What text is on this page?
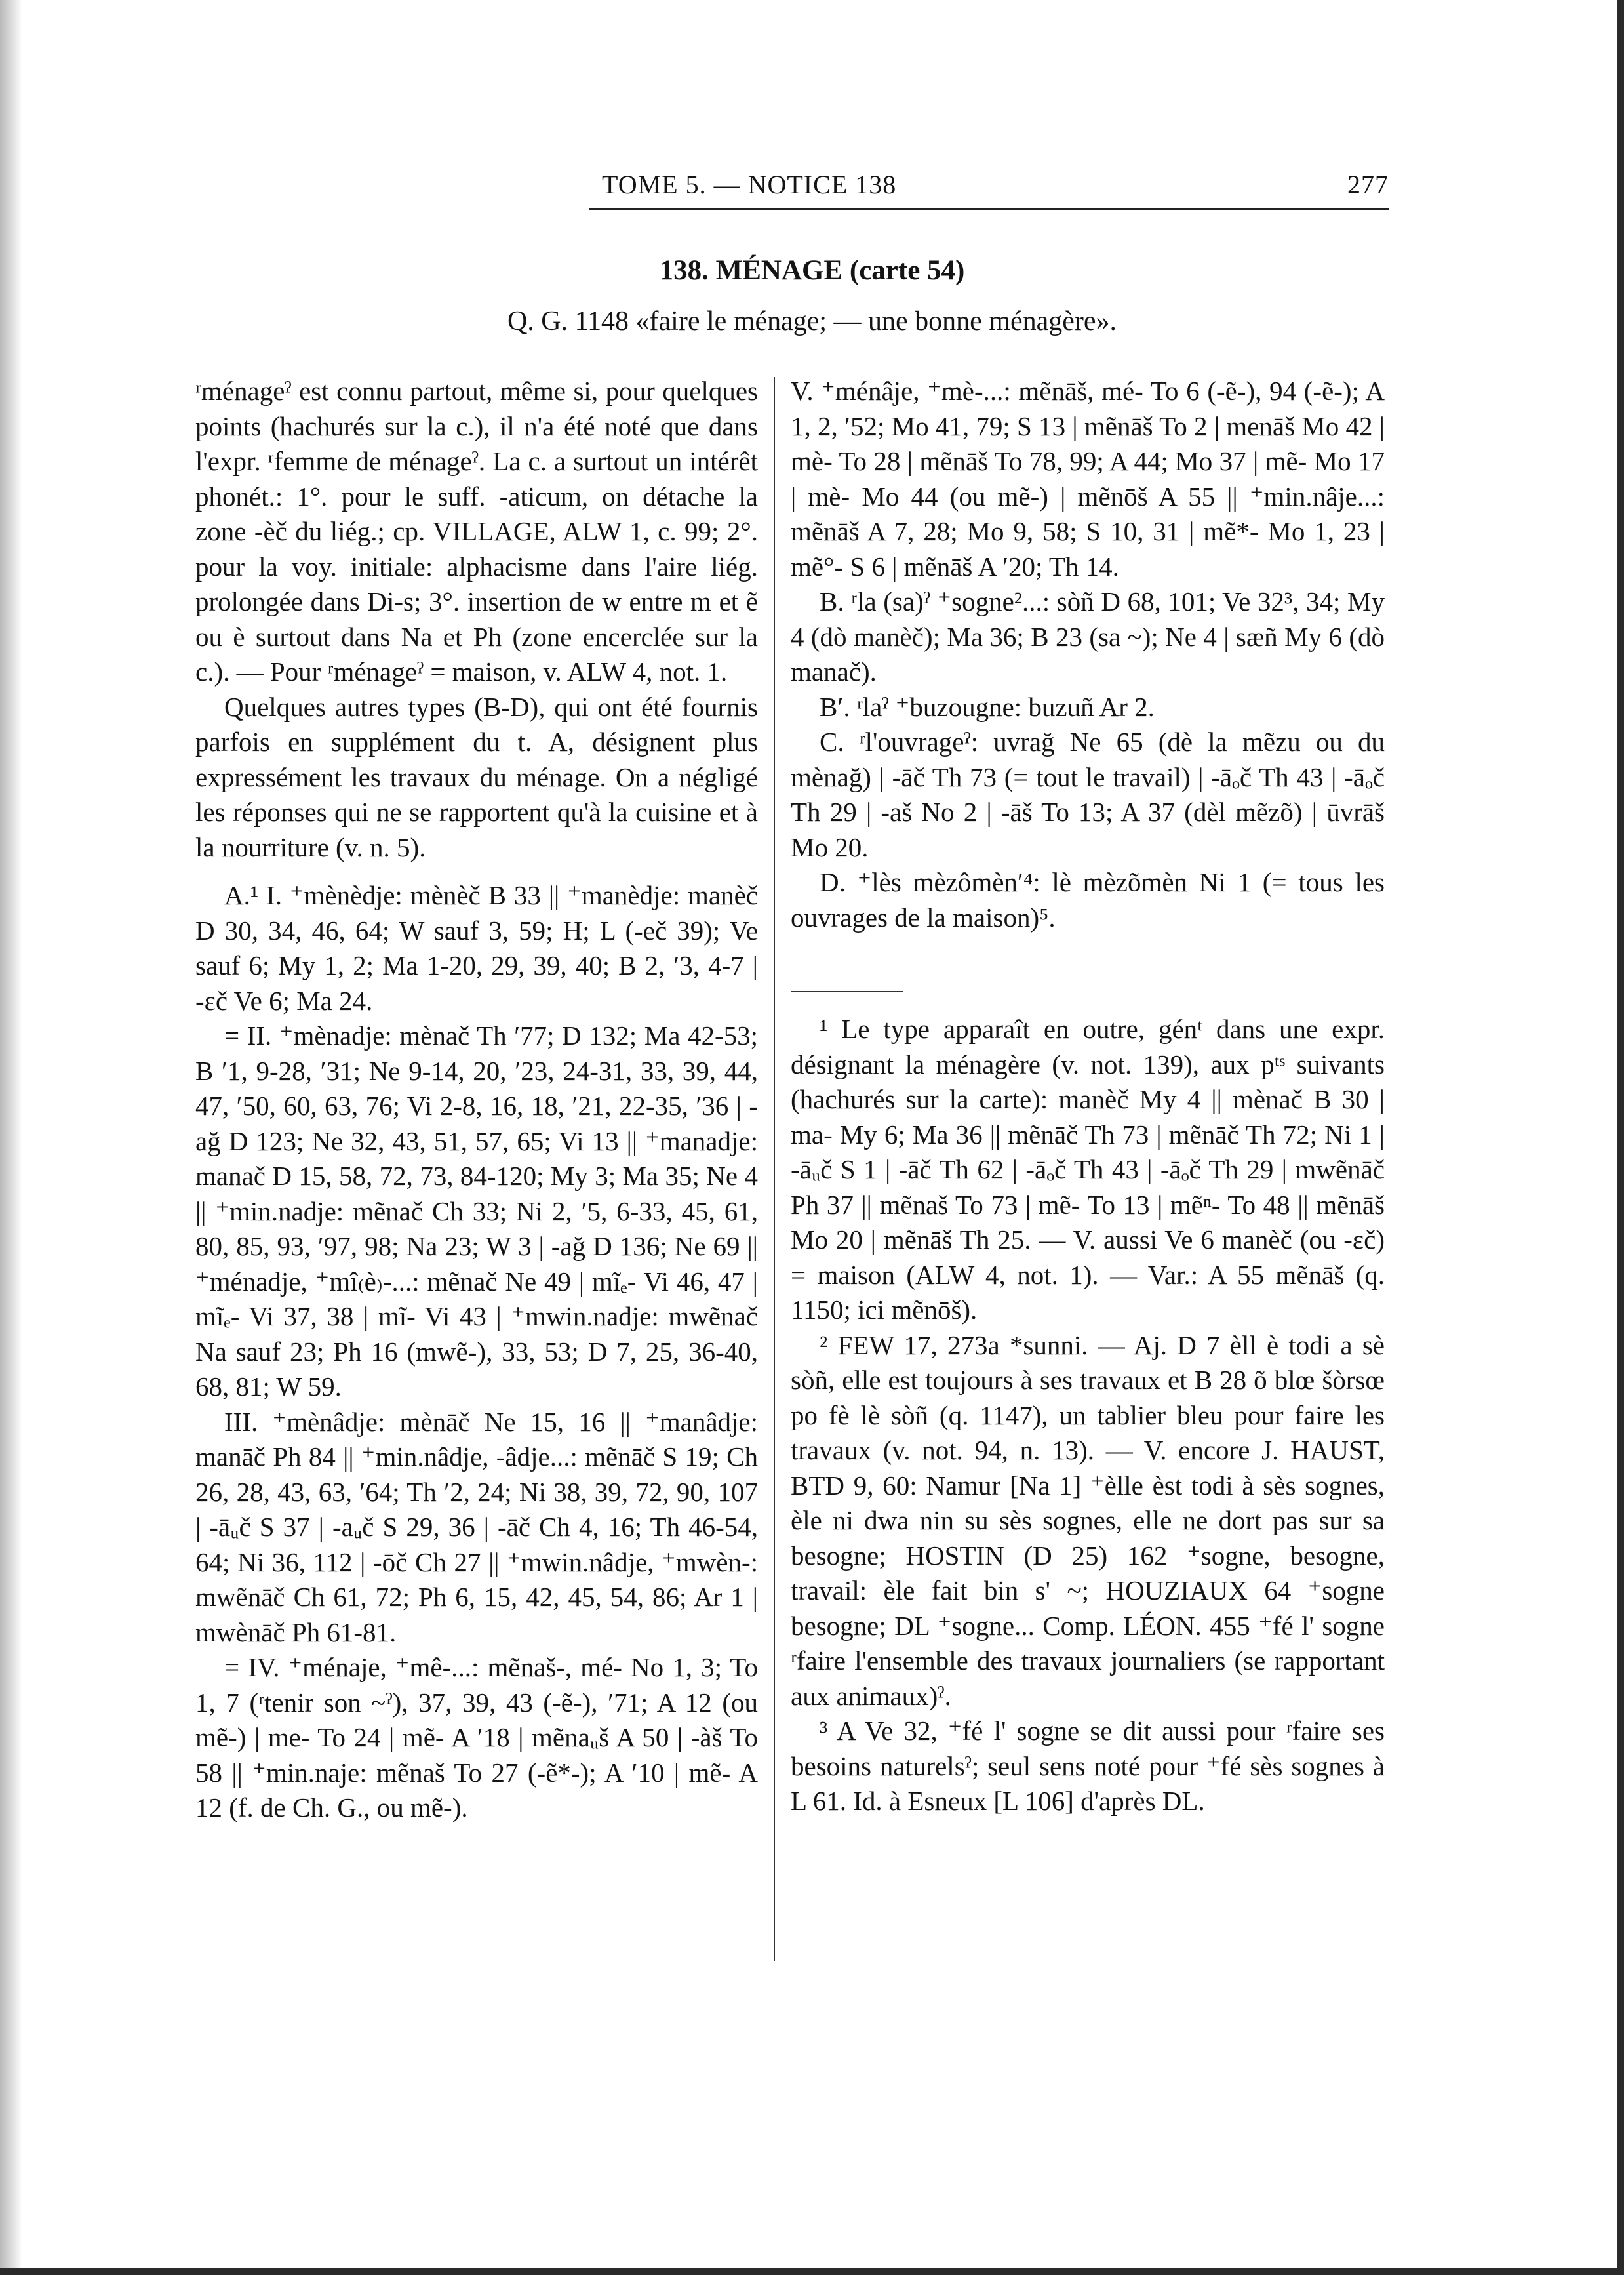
TOME 5. — NOTICE 138	277
138. MÉNAGE (carte 54)
Q. G. 1148 «faire le ménage; — une bonne ménagère».

ʳménageˀ est connu partout, même si, pour quelques points (hachurés sur la c.), il n'a été noté que dans l'expr. ʳfemme de ménageˀ. La c. a surtout un intérêt phonét.: 1°. pour le suff. -aticum, on détache la zone -èč du liég.; cp. VILLAGE, ALW 1, c. 99; 2°. pour la voy. initiale: alphacisme dans l'aire liég. prolongée dans Di-s; 3°. insertion de w entre m et ẽ ou è surtout dans Na et Ph (zone encerclée sur la c.). — Pour ʳménageˀ = maison, v. ALW 4, not. 1.

Quelques autres types (B-D), qui ont été fournis parfois en supplément du t. A, désignent plus expressément les travaux du ménage. On a négligé les réponses qui ne se rapportent qu'à la cuisine et à la nourriture (v. n. 5).

A.¹ I. ⁺mènèdje: mènèč B 33 || ⁺manèdje: manèč D 30, 34, 46, 64; W sauf 3, 59; H; L (-eč 39); Ve sauf 6; My 1, 2; Ma 1-20, 29, 39, 40; B 2, ′3, 4-7 | -ɛč Ve 6; Ma 24.

= II. ⁺mènadje: mènač Th ′77; D 132; Ma 42-53; B ′1, 9-28, ′31; Ne 9-14, 20, ′23, 24-31, 33, 39, 44, 47, ′50, 60, 63, 76; Vi 2-8, 16, 18, ′21, 22-35, ′36 | -ağ D 123; Ne 32, 43, 51, 57, 65; Vi 13 || ⁺manadje: manač D 15, 58, 72, 73, 84-120; My 3; Ma 35; Ne 4 || ⁺min.nadje: mẽnač Ch 33; Ni 2, ′5, 6-33, 45, 61, 80, 85, 93, ′97, 98; Na 23; W 3 | -ağ D 136; Ne 69 || ⁺ménadje, ⁺mî₍è₎-...: mẽnač Ne 49 | mĩₑ- Vi 46, 47 | mĩₑ- Vi 37, 38 | mĩ- Vi 43 | ⁺mwin.nadje: mwẽnač Na sauf 23; Ph 16 (mwẽ-), 33, 53; D 7, 25, 36-40, 68, 81; W 59.

III. ⁺mènâdje: mènāč Ne 15, 16 || ⁺manâdje: manāč Ph 84 || ⁺min.nâdje, -âdje...: mẽnāč S 19; Ch 26, 28, 43, 63, ′64; Th ′2, 24; Ni 38, 39, 72, 90, 107 | -āᵤč S 37 | -aᵤč S 29, 36 | -āč Ch 4, 16; Th 46-54, 64; Ni 36, 112 | -ōč Ch 27 || ⁺mwin.nâdje, ⁺mwèn-: mwẽnāč Ch 61, 72; Ph 6, 15, 42, 45, 54, 86; Ar 1 | mwènāč Ph 61-81.

= IV. ⁺ménaje, ⁺mê-...: mẽnaš-, mé- No 1, 3; To 1, 7 (ʳtenir son ~ˀ), 37, 39, 43 (-ẽ-), ′71; A 12 (ou mẽ-) | me- To 24 | mẽ- A ′18 | mẽnaᵤš A 50 | -àš To 58 || ⁺min.naje: mẽnaš To 27 (-ẽ*-); A ′10 | mẽ- A 12 (f. de Ch. G., ou mẽ-).

V. ⁺ménâje, ⁺mè-...: mẽnāš, mé- To 6 (-ẽ-), 94 (-ẽ-); A 1, 2, ′52; Mo 41, 79; S 13 | mẽnāš To 2 | menāš Mo 42 | mè- To 28 | mẽnāš To 78, 99; A 44; Mo 37 | mẽ- Mo 17 | mè- Mo 44 (ou mẽ-) | mẽnōš A 55 || ⁺min.nâje...: mẽnāš A 7, 28; Mo 9, 58; S 10, 31 | mẽ*- Mo 1, 23 | mẽ°- S 6 | mẽnāš A ′20; Th 14.

B. ʳla (sa)ˀ ⁺sogne²...: sòñ D 68, 101; Ve 32³, 34; My 4 (dò manèč); Ma 36; B 23 (sa ~); Ne 4 | sæñ My 6 (dò manač).

B′. ʳlaˀ ⁺buzougne: buzuñ Ar 2.

C. ʳl'ouvrageˀ: uvrağ Ne 65 (dè la mẽzu ou du mènağ) | -āč Th 73 (= tout le travail) | -āₒč Th 43 | -āₒč Th 29 | -aš No 2 | -āš To 13; A 37 (dèl mẽzõ) | ūvrāš Mo 20.

D. ⁺lès mèzômèn′⁴: lè mèzõmèn Ni 1 (= tous les ouvrages de la maison)⁵.

¹ Le type apparaît en outre, génᵗ dans une expr. désignant la ménagère (v. not. 139), aux pᵗˢ suivants (hachurés sur la carte): manèč My 4 || mènač B 30 | ma- My 6; Ma 36 || mẽnāč Th 73 | mẽnāč Th 72; Ni 1 | -āᵤč S 1 | -āč Th 62 | -āₒč Th 43 | -āₒč Th 29 | mwẽnāč Ph 37 || mẽnaš To 73 | mẽ- To 13 | mẽⁿ- To 48 || mẽnāš Mo 20 | mẽnāš Th 25. — V. aussi Ve 6 manèč (ou -ɛč) = maison (ALW 4, not. 1). — Var.: A 55 mẽnāš (q. 1150; ici mẽnōš).

² FEW 17, 273a *sunni. — Aj. D 7 èll è todi a sè sòñ, elle est toujours à ses travaux et B 28 õ blœ šòrsœ po fè lè sòñ (q. 1147), un tablier bleu pour faire les travaux (v. not. 94, n. 13). — V. encore J. HAUST, BTD 9, 60: Namur [Na 1] ⁺èlle èst todi à sès sognes, èle ni dwa nin su sès sognes, elle ne dort pas sur sa besogne; HOSTIN (D 25) 162 ⁺sogne, besogne, travail: èle fait bin s' ~; HOUZIAUX 64 ⁺sogne besogne; DL ⁺sogne... Comp. LÉON. 455 ⁺fé l' sogne ʳfaire l'ensemble des travaux journaliers (se rapportant aux animaux)ˀ.

³ A Ve 32, ⁺fé l' sogne se dit aussi pour ʳfaire ses besoins naturelsˀ; seul sens noté pour ⁺fé sès sognes à L 61. Id. à Esneux [L 106] d'après DL.
